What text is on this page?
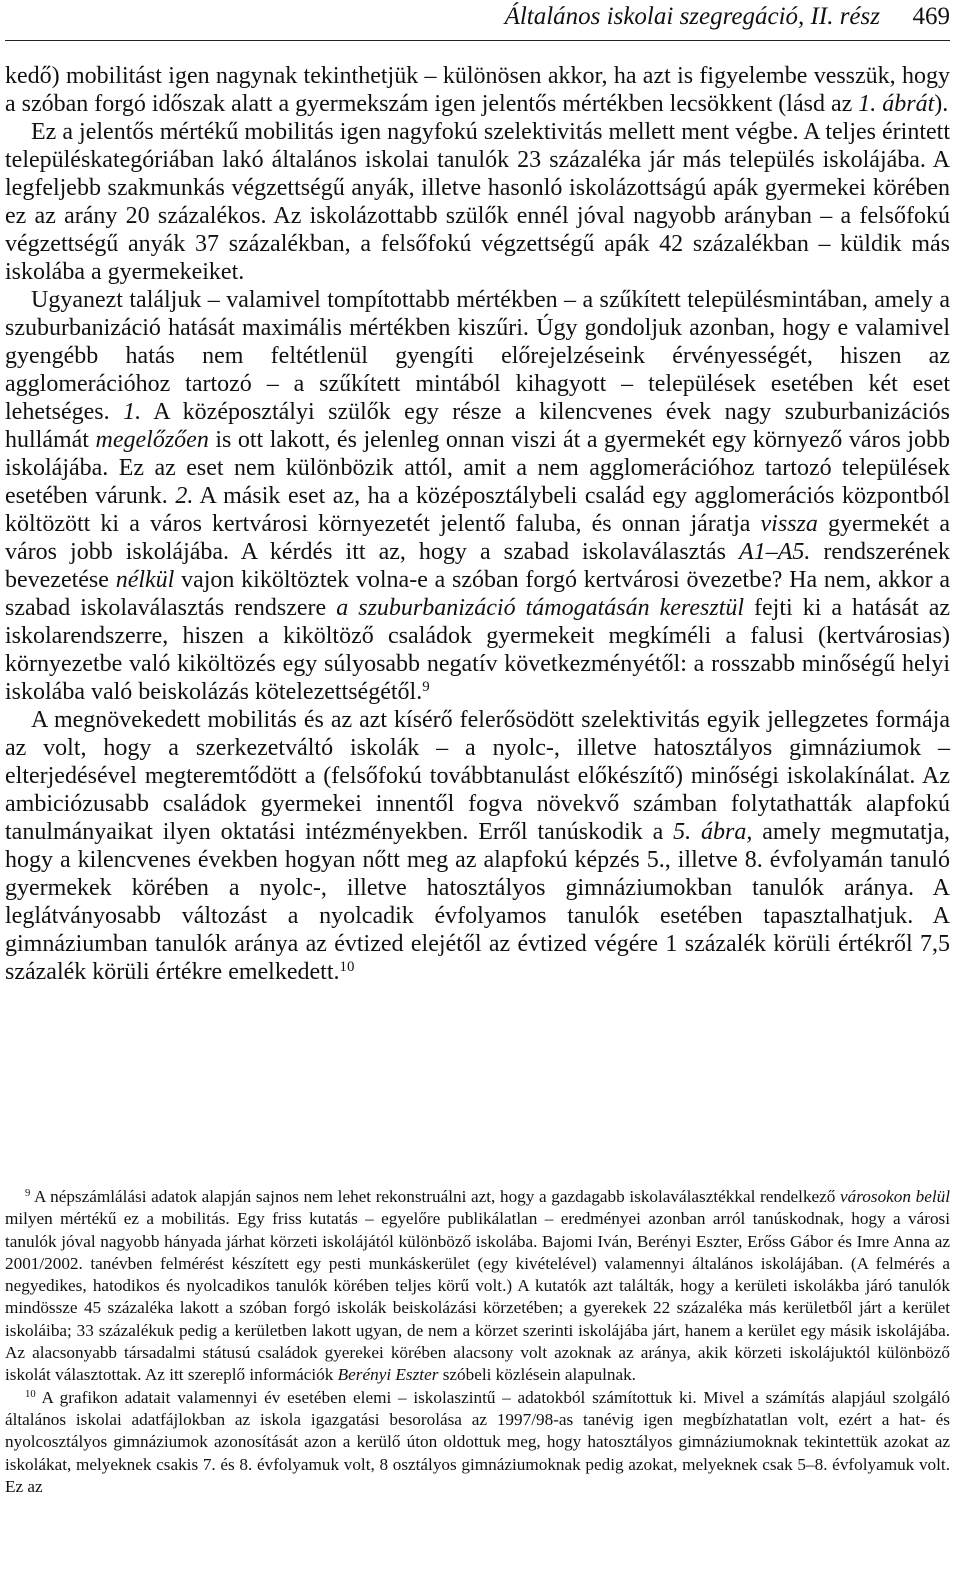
Általános iskolai szegregáció, II. rész 469

kedő) mobilitást igen nagynak tekinthetjük – különösen akkor, ha azt is figyelembe vesszük, hogy a szóban forgó időszak alatt a gyermekszám igen jelentős mértékben lecsökkent (lásd az 1. ábrát).

Ez a jelentős mértékű mobilitás igen nagyfokú szelektivitás mellett ment végbe. A teljes érintett településkategóriában lakó általános iskolai tanulók 23 százaléka jár más település iskolájába. A legfeljebb szakmunkás végzettségű anyák, illetve hasonló iskolázottságú apák gyermekei körében ez az arány 20 százalékos. Az iskolázottabb szülők ennél jóval nagyobb arányban – a felsőfokú végzettségű anyák 37 százalékban, a felsőfokú végzettségű apák 42 százalékban – küldik más iskolába a gyermekeiket.

Ugyanezt találjuk – valamivel tompítottabb mértékben – a szűkített településmintában, amely a szuburbanizáció hatását maximális mértékben kiszűri. Úgy gondoljuk azonban, hogy e valamivel gyengébb hatás nem feltétlenül gyengíti előrejelzéseink érvényességét, hiszen az agglomerációhoz tartozó – a szűkített mintából kihagyott – települések esetében két eset lehetséges. 1. A középosztályi szülők egy része a kilencvenes évek nagy szuburbanizációs hullámát megelőzően is ott lakott, és jelenleg onnan viszi át a gyermekét egy környező város jobb iskolájába. Ez az eset nem különbözik attól, amit a nem agglomerációhoz tartozó települések esetében várunk. 2. A másik eset az, ha a középosztálybeli család egy agglomerációs központból költözött ki a város kertvárosi környezetét jelentő faluba, és onnan járatja vissza gyermekét a város jobb iskolájába. A kérdés itt az, hogy a szabad iskolaválasztás A1–A5. rendszerének bevezetése nélkül vajon kiköltöztek volna-e a szóban forgó kertvárosi övezetbe? Ha nem, akkor a szabad iskolaválasztás rendszere a szuburbanizáció támogatásán keresztül fejti ki a hatását az iskolarendszerre, hiszen a kiköltöző családok gyermekeit megkíméli a falusi (kertvárosias) környezetbe való kiköltözés egy súlyosabb negatív következményétől: a rosszabb minőségű helyi iskolába való beiskolázás kötelezettségétől.$^9$

A megnövekedett mobilitás és az azt kísérő felerősödött szelektivitás egyik jellegzetes formája az volt, hogy a szerkezetváltó iskolák – a nyolc-, illetve hatosztályos gimnáziumok – elterjedésével megteremtődött a (felsőfokú továbbtanulást előkészítő) minőségi iskolakínálat. Az ambiciózusabb családok gyermekei innentől fogva növekvő számban folytathatták alapfokú tanulmányaikat ilyen oktatási intézményekben. Erről tanúskodik a 5. ábra, amely megmutatja, hogy a kilencvenes években hogyan nőtt meg az alapfokú képzés 5., illetve 8. évfolyamán tanuló gyermekek körében a nyolc-, illetve hatosztályos gimnáziumokban tanulók aránya. A leglátványosabb változást a nyolcadik évfolyamos tanulók esetében tapasztalhatjuk. A gimnáziumban tanulók aránya az évtized elejétől az évtized végére 1 százalék körüli értékről 7,5 százalék körüli értékre emelkedett.$^{10}$

$^9$ A népszámlálási adatok alapján sajnos nem lehet rekonstruálni azt, hogy a gazdagabb iskolaválasztékkal rendelkező városokon belül milyen mértékű ez a mobilitás. Egy friss kutatás – egyelőre publikálatlan – eredményei azonban arról tanúskodnak, hogy a városi tanulók jóval nagyobb hányada járhat körzeti iskolájától különböző iskolába. Bajomi Iván, Berényi Eszter, Erőss Gábor és Imre Anna az 2001/2002. tanévben felmérést készített egy pesti munkáskerület (egy kivételével) valamennyi általános iskolájában. (A felmérés a negyedikes, hatodikos és nyolcadikos tanulók körében teljes körű volt.) A kutatók azt találták, hogy a kerületi iskolákba járó tanulók mindössze 45 százaléka lakott a szóban forgó iskolák beiskolázási körzetében; a gyerekek 22 százaléka más kerületből járt a kerület iskoláiba; 33 százalékuk pedig a kerületben lakott ugyan, de nem a körzet szerinti iskolájába járt, hanem a kerület egy másik iskolájába. Az alacsonyabb társadalmi státusú családok gyerekei körében alacsony volt azoknak az aránya, akik körzeti iskolájuktól különböző iskolát választottak. Az itt szereplő információk Berényi Eszter szóbeli közlésein alapulnak.

$^{10}$ A grafikon adatait valamennyi év esetében elemi – iskolaszintű – adatokból számítottuk ki. Mivel a számítás alapjául szolgáló általános iskolai adatfájlokban az iskola igazgatási besorolása az 1997/98-as tanévig igen megbízhatatlan volt, ezért a hat- és nyolcosztályos gimnáziumok azonosítását azon a kerülő úton oldottuk meg, hogy hatosztályos gimnáziumoknak tekintettük azokat az iskolákat, melyeknek csakis 7. és 8. évfolyamuk volt, 8 osztályos gimnáziumoknak pedig azokat, melyeknek csak 5–8. évfolyamuk volt. Ez az
